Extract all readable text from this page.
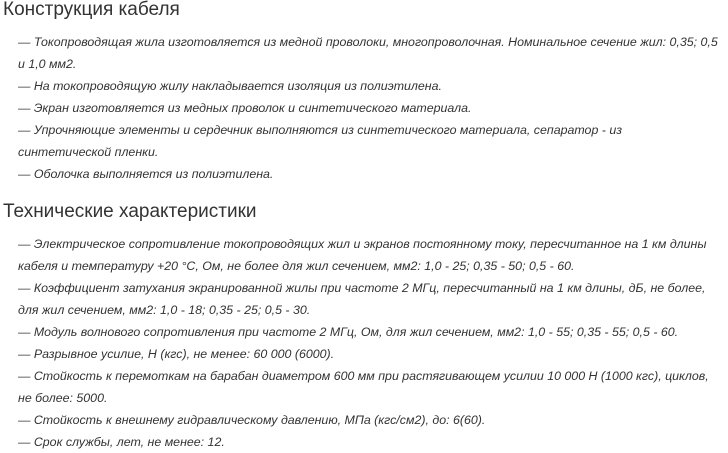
Конструкция кабеля
— Токопроводящая жила изготовляется из медной проволоки, многопроволочная. Номинальное сечение жил: 0,35; 0,5 и 1,0 мм2.
— На токопроводящую жилу накладывается изоляция из полиэтилена.
— Экран изготовляется из медных проволок и синтетического материала.
— Упрочняющие элементы и сердечник выполняются из синтетического материала, сепаратор - из синтетической пленки.
— Оболочка выполняется из полиэтилена.
Технические характеристики
— Электрическое сопротивление токопроводящих жил и экранов постоянному току, пересчитанное на 1 км длины кабеля и температуру +20 °С, Ом, не более для жил сечением, мм2: 1,0 - 25; 0,35 - 50; 0,5 - 60.
— Коэффициент затухания экранированной жилы при частоте 2 МГц, пересчитанный на 1 км длины, дБ, не более, для жил сечением, мм2: 1,0 - 18; 0,35 - 25; 0,5 - 30.
— Модуль волнового сопротивления при частоте 2 МГц, Ом, для жил сечением, мм2: 1,0 - 55; 0,35 - 55; 0,5 - 60.
— Разрывное усилие, Н (кгс), не менее: 60 000 (6000).
— Стойкость к перемоткам на барабан диаметром 600 мм при растягивающем усилии 10 000 Н (1000 кгс), циклов, не более: 5000.
— Стойкость к внешнему гидравлическому давлению, МПа (кгс/см2), до: 6(60).
— Срок службы, лет, не менее: 12.
